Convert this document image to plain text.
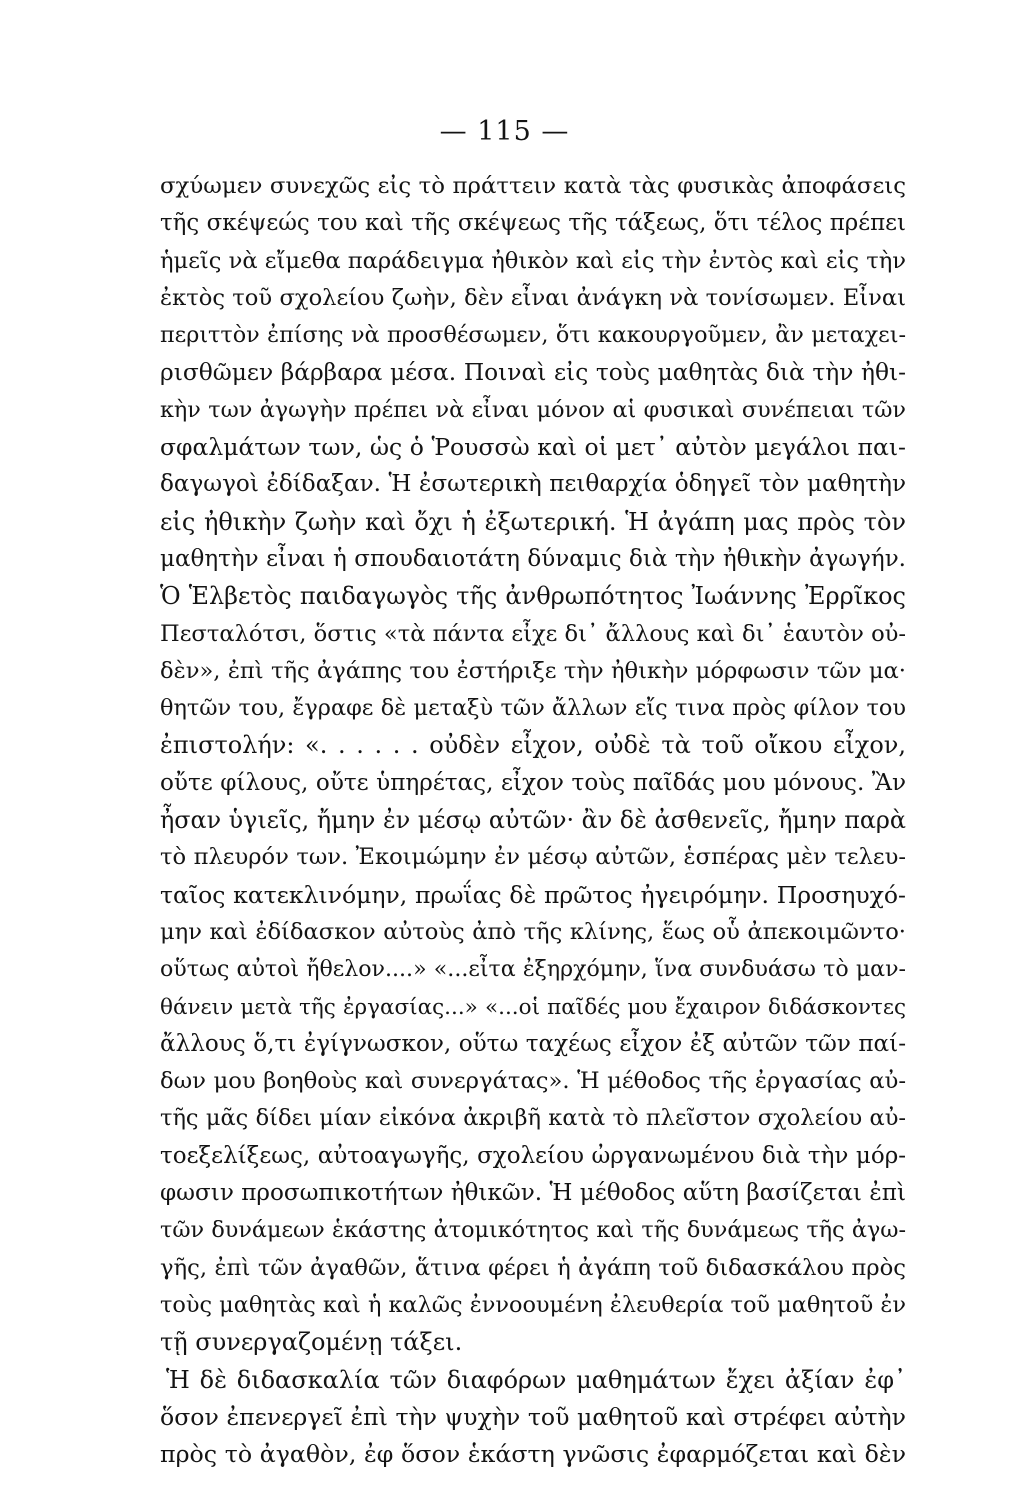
— 115 —
σχύωμεν συνεχῶς εἰς τὸ πράττειν κατὰ τὰς φυσικὰς ἀποφάσεις
τῆς σκέψεώς του καὶ τῆς σκέψεως τῆς τάξεως, ὅτι τέλος πρέπει
ἡμεῖς νὰ εἴμεθα παράδειγμα ἠθικὸν καὶ εἰς τὴν ἐντὸς καὶ εἰς τὴν
ἐκτὸς τοῦ σχολείου ζωὴν, δὲν εἶναι ἀνάγκη νὰ τονίσωμεν. Εἶναι
περιττὸν ἐπίσης νὰ προσθέσωμεν, ὅτι κακουργοῦμεν, ἂν μεταχει-
ρισθῶμεν βάρβαρα μέσα. Ποιναὶ εἰς τοὺς μαθητὰς διὰ τὴν ἠθι-
κὴν των ἀγωγὴν πρέπει νὰ εἶναι μόνον αἱ φυσικαὶ συνέπειαι τῶν
σφαλμάτων των, ὡς ὁ Ῥουσσὼ καὶ οἱ μετ᾽ αὐτὸν μεγάλοι παι-
δαγωγοὶ ἐδίδαξαν. Ἡ ἐσωτερικὴ πειθαρχία ὁδηγεῖ τὸν μαθητὴν
εἰς ἠθικὴν ζωὴν καὶ ὄχι ἡ ἐξωτερική. Ἡ ἀγάπη μας πρὸς τὸν
μαθητὴν εἶναι ἡ σπουδαιοτάτη δύναμις διὰ τὴν ἠθικὴν ἀγωγήν.
Ὁ Ἑλβετὸς παιδαγωγὸς τῆς ἀνθρωπότητος Ἰωάννης Ἐρρῖκος
Πεσταλότσι, ὅστις «τὰ πάντα εἶχε δι᾽ ἄλλους καὶ δι᾽ ἑαυτὸν οὐ-
δὲν», ἐπὶ τῆς ἀγάπης του ἐστήριξε τὴν ἠθικὴν μόρφωσιν τῶν μα·
θητῶν του, ἔγραφε δὲ μεταξὺ τῶν ἄλλων εἴς τινα πρὸς φίλον του
ἐπιστολήν: «. . . . . . οὐδὲν εἶχον, οὐδὲ τὰ τοῦ οἴκου εἶχον,
οὔτε φίλους, οὔτε ὑπηρέτας, εἶχον τοὺς παῖδάς μου μόνους. Ἂν
ἦσαν ὑγιεῖς, ἤμην ἐν μέσῳ αὐτῶν· ἂν δὲ ἀσθενεῖς, ἤμην παρὰ
τὸ πλευρόν των. Ἐκοιμώμην ἐν μέσῳ αὐτῶν, ἑσπέρας μὲν τελευ-
ταῖος κατεκλινόμην, πρωΐας δὲ πρῶτος ἠγειρόμην. Προσηυχό-
μην καὶ ἐδίδασκον αὐτοὺς ἀπὸ τῆς κλίνης, ἕως οὗ ἀπεκοιμῶντο·
οὕτως αὐτοὶ ἤθελον....» «...εἶτα ἐξηρχόμην, ἵνα συνδυάσω τὸ μαν-
θάνειν μετὰ τῆς ἐργασίας...» «...οἱ παῖδές μου ἔχαιρον διδάσκοντες
ἄλλους ὅ,τι ἐγίγνωσκον, οὕτω ταχέως εἶχον ἐξ αὐτῶν τῶν παί-
δων μου βοηθοὺς καὶ συνεργάτας». Ἡ μέθοδος τῆς ἐργασίας αὐ-
τῆς μᾶς δίδει μίαν εἰκόνα ἀκριβῆ κατὰ τὸ πλεῖστον σχολείου αὐ-
τοεξελίξεως, αὐτοαγωγῆς, σχολείου ὠργανωμένου διὰ τὴν μόρ-
φωσιν προσωπικοτήτων ἠθικῶν. Ἡ μέθοδος αὕτη βασίζεται ἐπὶ
τῶν δυνάμεων ἑκάστης ἀτομικότητος καὶ τῆς δυνάμεως τῆς ἀγω-
γῆς, ἐπὶ τῶν ἀγαθῶν, ἅτινα φέρει ἡ ἀγάπη τοῦ διδασκάλου πρὸς
τοὺς μαθητὰς καὶ ἡ καλῶς ἐννοουμένη ἐλευθερία τοῦ μαθητοῦ ἐν
τῇ συνεργαζομένῃ τάξει.
Ἡ δὲ διδασκαλία τῶν διαφόρων μαθημάτων ἔχει ἀξίαν ἐφ᾽
ὅσον ἐπενεργεῖ ἐπὶ τὴν ψυχὴν τοῦ μαθητοῦ καὶ στρέφει αὐτὴν
πρὸς τὸ ἀγαθὸν, ἐφ ὅσον ἑκάστη γνῶσις ἐφαρμόζεται καὶ δὲν
